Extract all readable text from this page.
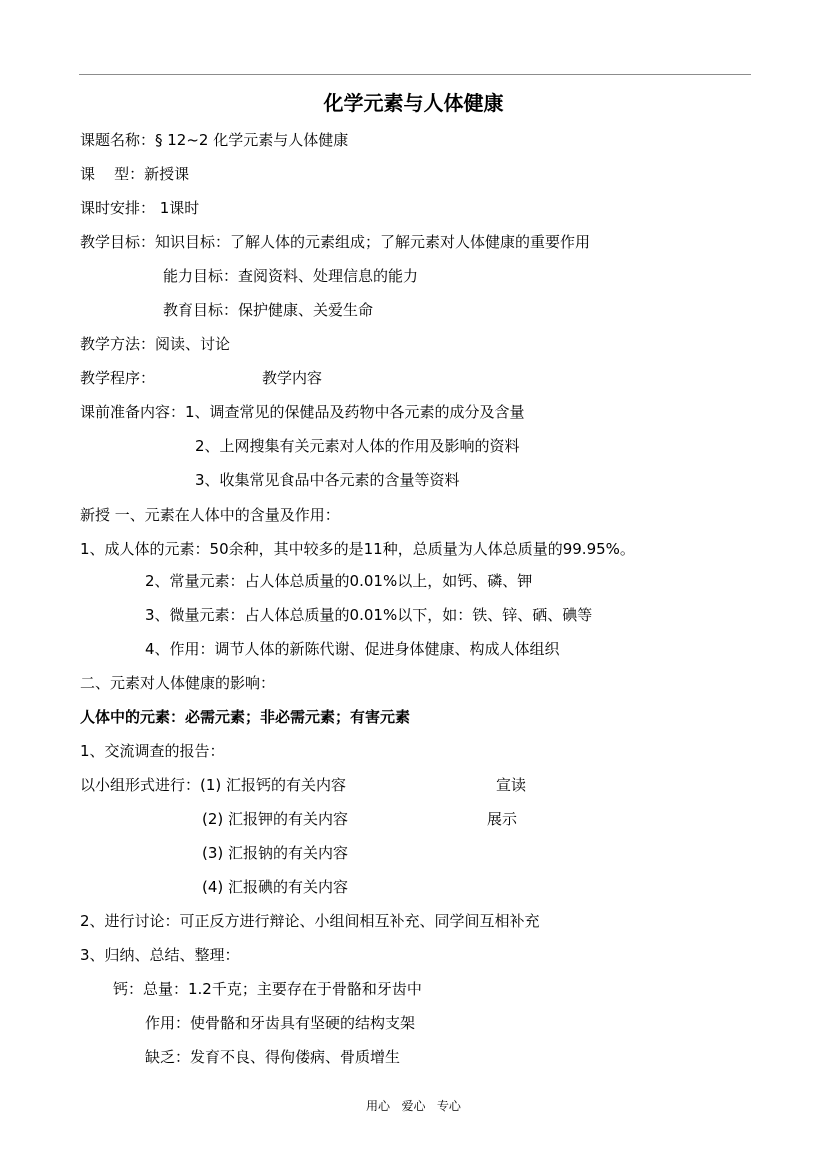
化学元素与人体健康
课题名称：§ 12~2 化学元素与人体健康
课    型：新授课
课时安排： 1课时
教学目标：知识目标：了解人体的元素组成；了解元素对人体健康的重要作用
能力目标：查阅资料、处理信息的能力
教育目标：保护健康、关爱生命
教学方法：阅读、讨论
教学程序：	教学内容
课前准备内容：1、调查常见的保健品及药物中各元素的成分及含量
2、上网搜集有关元素对人体的作用及影响的资料
3、收集常见食品中各元素的含量等资料
新授 一、元素在人体中的含量及作用：
1、成人体的元素：50余种，其中较多的是11种，总质量为人体总质量的99.95%。
2、常量元素：占人体总质量的0.01%以上，如钙、磷、钾
3、微量元素：占人体总质量的0.01%以下，如：铁、锌、硒、碘等
4、作用：调节人体的新陈代谢、促进身体健康、构成人体组织
二、元素对人体健康的影响：
人体中的元素：必需元素；非必需元素；有害元素
1、交流调查的报告：
以小组形式进行：(1) 汇报钙的有关内容	宣读
(2) 汇报钾的有关内容	展示
(3) 汇报钠的有关内容
(4) 汇报碘的有关内容
2、进行讨论：可正反方进行辩论、小组间相互补充、同学间互相补充
3、归纳、总结、整理：
钙：总量：1.2千克；主要存在于骨骼和牙齿中
作用：使骨骼和牙齿具有坚硬的结构支架
缺乏：发育不良、得佝偻病、骨质增生
用心   爱心   专心
